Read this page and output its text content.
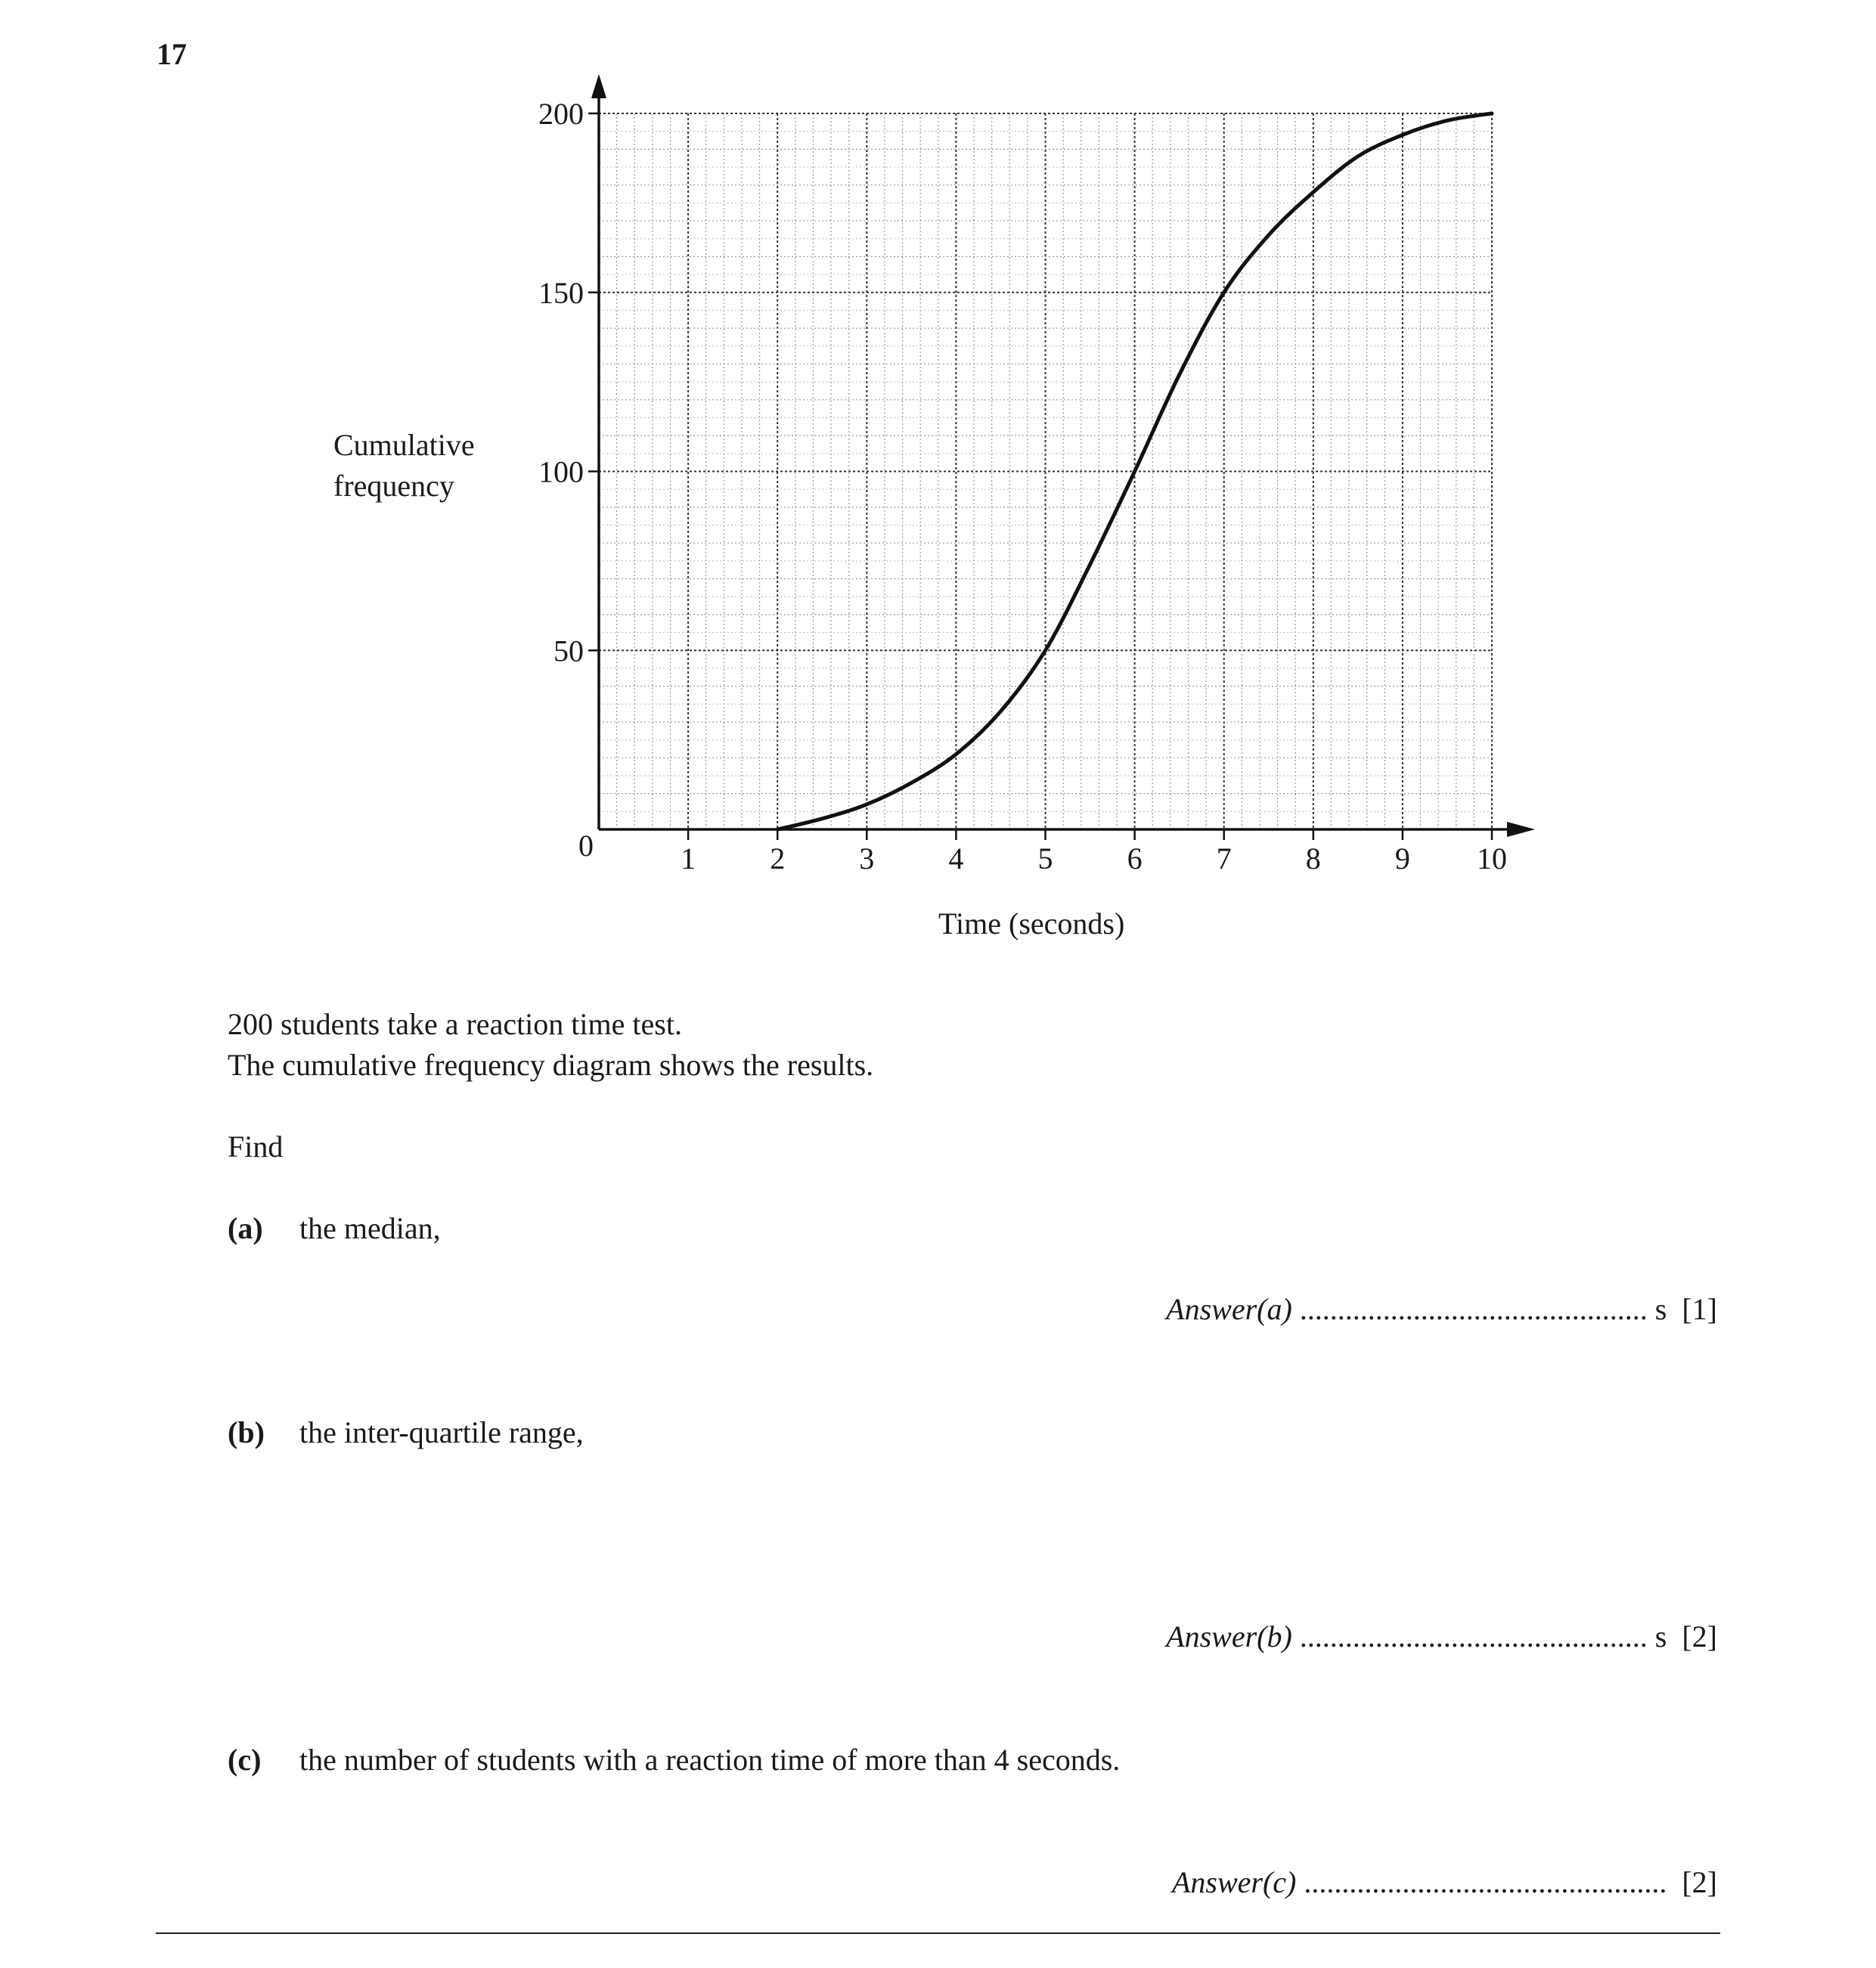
17
1 2 3 4 5 6 7 8 9 10
50
100
150
200
0
Cumulative
frequency
Time (seconds)
200 students take a reaction time test.
The cumulative frequency diagram shows the results.
Find
(a) the median,
Answer(a) .............................................. s [1]
(b) the inter-quartile range,
Answer(b) .............................................. s [2]
(c) the number of students with a reaction time of more than 4 seconds.
Answer(c) ................................................ [2]
